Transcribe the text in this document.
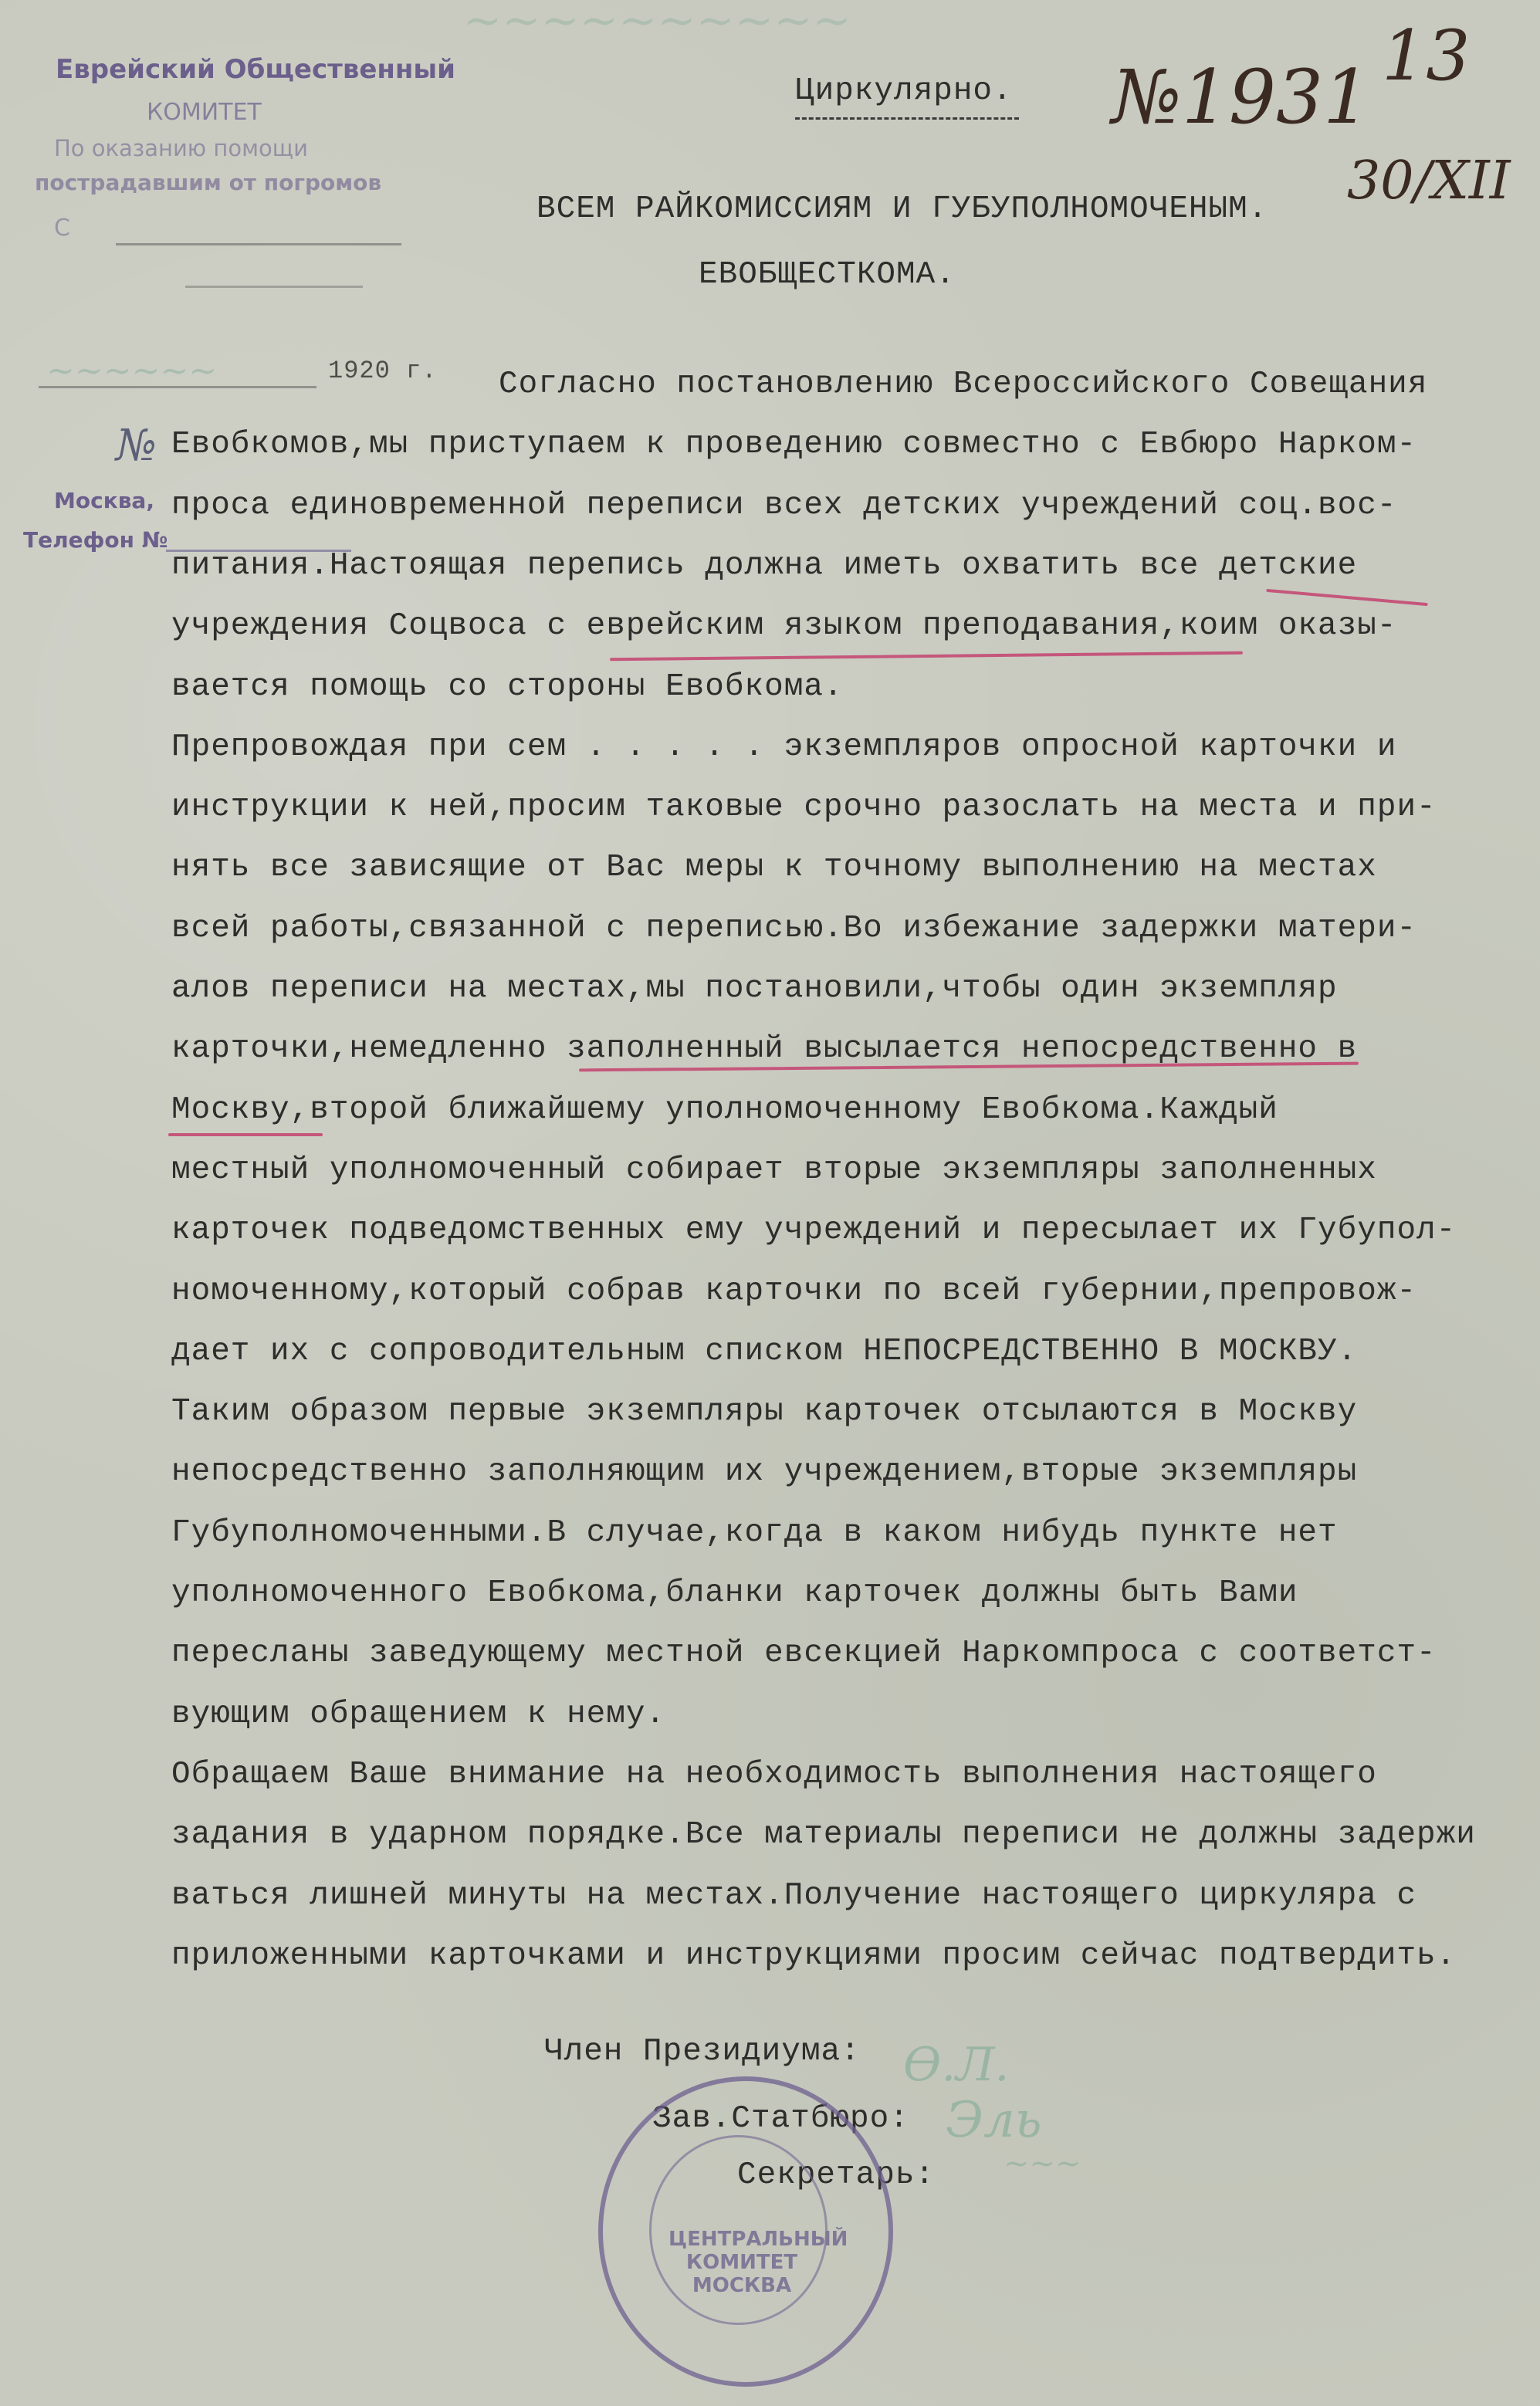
Еврейский Общественный
КОМИТЕТ
По оказанию помощи
пострадавшим от погромов
С
1920 г.
№
Москва,
Телефон №
~~~~~~~~~~
~~~~~~
№1931 13
30/XII
Циркулярно.
ВСЕМ РАЙКОМИССИЯМ И ГУБУПОЛНОМОЧЕНЫМ.
ЕВОБЩЕСТКОМА.
Согласно постановлению Всероссийского Совещания
Евобкомов,мы приступаем к проведению совместно с Евбюро Нарком-
проса единовременной переписи всех детских учреждений соц.вос-
питания.Настоящая перепись должна иметь охватить все детские
учреждения Соцвоса с еврейским языком преподавания,коим оказы-
вается помощь со стороны Евобкома.
Препровождая при сем . . . . . экземпляров опросной карточки и
инструкции к ней,просим таковые срочно разослать на места и при-
нять все зависящие от Вас меры к точному выполнению на местах
всей работы,связанной с переписью.Во избежание задержки матери-
алов переписи на местах,мы постановили,чтобы один экземпляр
карточки,немедленно заполненный высылается непосредственно в
Москву,второй ближайшему уполномоченному Евобкома.Каждый
местный уполномоченный собирает вторые экземпляры заполненных
карточек подведомственных ему учреждений и пересылает их Губупол-
номоченному,который собрав карточки по всей губернии,препровож-
дает их с сопроводительным списком НЕПОСРЕДСТВЕННО В МОСКВУ.
Таким образом первые экземпляры карточек отсылаются в Москву
непосредственно заполняющим их учреждением,вторые экземпляры
Губуполномоченными.В случае,когда в каком нибудь пункте нет
уполномоченного Евобкома,бланки карточек должны быть Вами
пересланы заведующему местной евсекцией Наркомпроса с соответст-
вующим обращением к нему.
Обращаем Ваше внимание на необходимость выполнения настоящего
задания в ударном порядке.Все материалы переписи не должны задержи
ваться лишней минуты на местах.Получение настоящего циркуляра с
приложенными карточками и инструкциями просим сейчас подтвердить.
Член Президиума:
Зав.Статбюро:
Секретарь:
Ѳ.Л.
Эль
~~~
ЦЕНТРАЛЬНЫЙ КОМИТЕТ МОСКВА
